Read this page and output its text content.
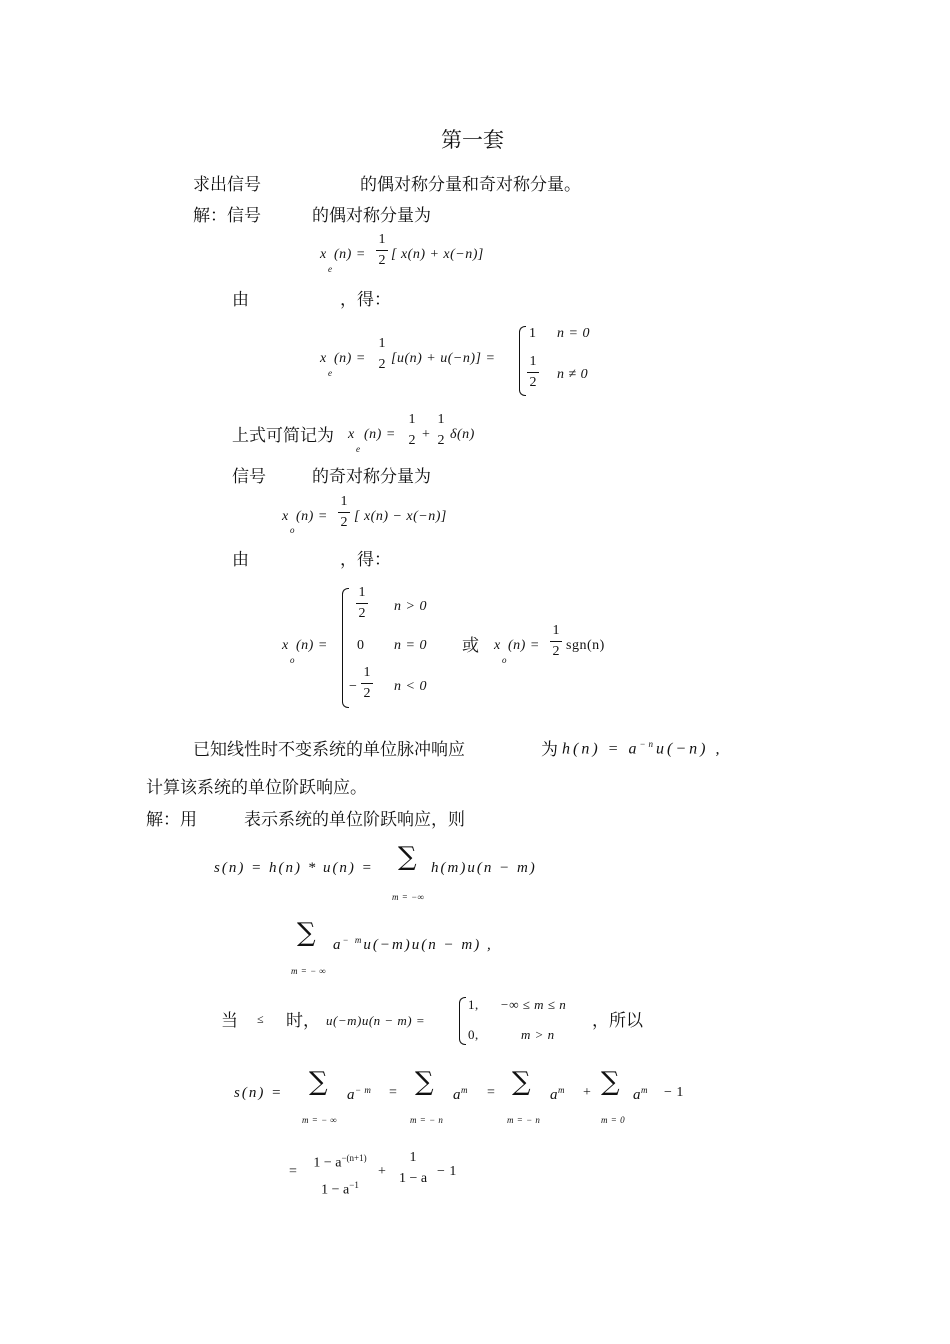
第一套
求出信号	的偶对称分量和奇对称分量。
解：信号	的偶对称分量为
x
e
(n) =
1
2 [ x(n) + x(−n)]
由	，得：
x
e
(n) =
1
2 [u(n) + u(−n)] =
1 n = 0
1
2
n ≠ 0
上式可简记为 x
e
(n) =
1
2 +
1
2 δ(n)
信号	的奇对称分量为
x
o
(n) =
1
2 [ x(n) − x(−n)]
由	，得：
x
o
(n) =
1
2 n > 0
0 n = 0
−
1
2 n < 0
或 x
o
(n) =
1
2 sgn(n)
已知线性时不变系统的单位脉冲响应	为 $h(n) = a^{-n}u(-n)$ ,
计算该系统的单位阶跃响应。
解：用	表示系统的单位阶跃响应，则
s(n) = h(n) * u(n) = ∑
m = −∞
h(m)u(n − m)
∑
m = − ∞
$a^{- m}u(-m)u(n - m)$ ,
当 ≤ 时， u(−m)u(n − m) =
1, −∞ ≤ m ≤ n
0,	m > n
，所以
s(n) = ∑
m = − ∞
$a^{- m}$ = ∑
m = − n
$a^m$ = ∑
m = − n
$a^m$ + ∑
m = 0
$a^m - 1$
=
$1 - a^{-(n+1)}$
$1 - a^{-1}$
+
1
1 − a − 1
